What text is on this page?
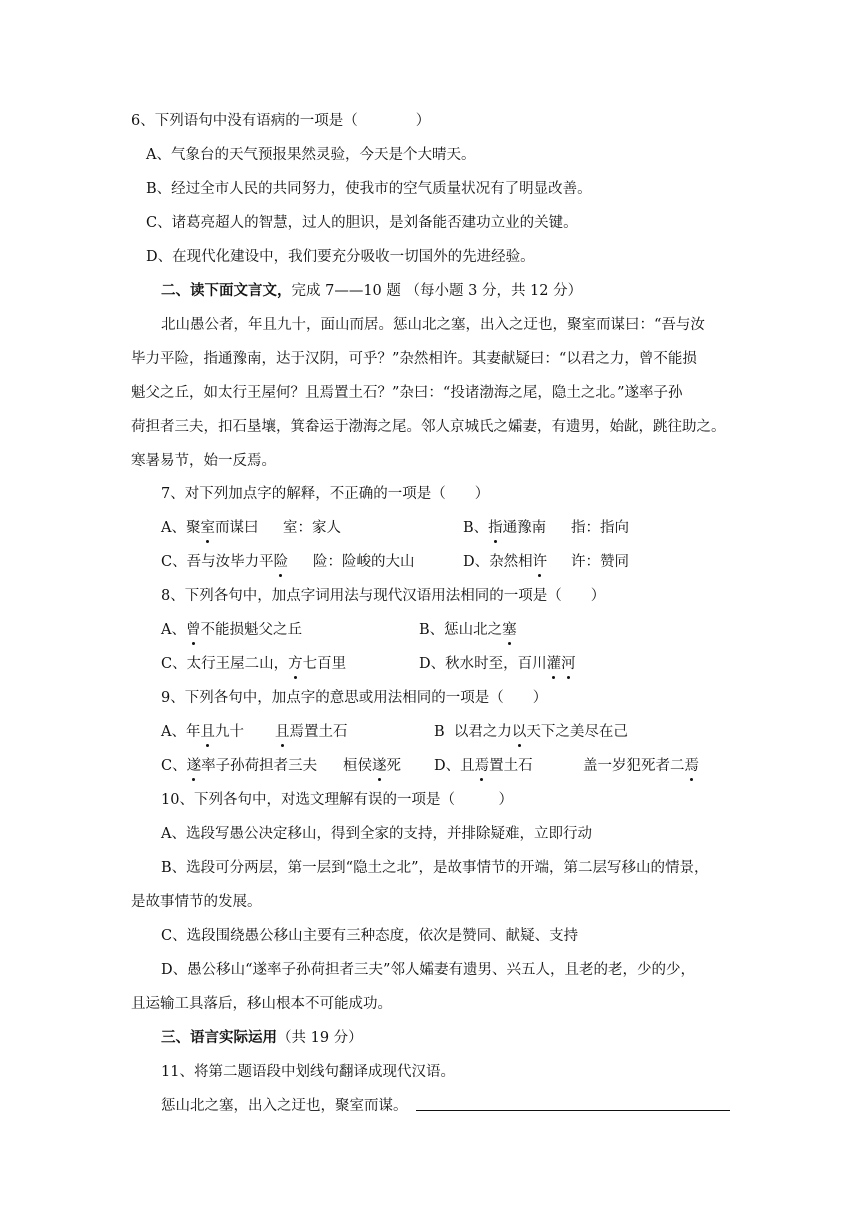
6、下列语句中没有语病的一项是（　　　　）
A、气象台的天气预报果然灵验，今天是个大晴天。
B、经过全市人民的共同努力，使我市的空气质量状况有了明显改善。
C、诸葛亮超人的智慧，过人的胆识，是刘备能否建功立业的关键。
D、在现代化建设中，我们要充分吸收一切国外的先进经验。
二、读下面文言文，完成 7——10 题 （每小题 3 分，共 12 分）
北山愚公者，年且九十，面山而居。惩山北之塞，出入之迂也，聚室而谋曰：“吾与汝
毕力平险，指通豫南，达于汉阴，可乎？”杂然相许。其妻献疑曰：“以君之力，曾不能损
魁父之丘，如太行王屋何？且焉置土石？”杂曰：“投诸渤海之尾，隐土之北。”遂率子孙
荷担者三夫，扣石垦壤，箕畚运于渤海之尾。邻人京城氏之孀妻，有遗男，始龀，跳往助之。
寒暑易节，始一反焉。
7、对下列加点字的解释，不正确的一项是（　　）
A、聚室而谋曰 室：家人	B、指通豫南 指：指向
C、吾与汝毕力平险 险：险峻的大山	D、杂然相许 许：赞同
8、下列各句中，加点字词用法与现代汉语用法相同的一项是（　　）
A、曾不能损魁父之丘	B、惩山北之塞
C、太行王屋二山，方七百里	D、秋水时至，百川灌河
9、下列各句中，加点字的意思或用法相同的一项是（　　）
A、年且九十 且焉置土石	B  以君之力以天下之美尽在己
C、遂率子孙荷担者三夫 桓侯遂死 D、且焉置土石	盖一岁犯死者二焉
10、下列各句中，对选文理解有误的一项是（　　　）
A、选段写愚公决定移山，得到全家的支持，并排除疑难，立即行动
B、选段可分两层，第一层到“隐土之北”，是故事情节的开端，第二层写移山的情景，
是故事情节的发展。
C、选段围绕愚公移山主要有三种态度，依次是赞同、献疑、支持
D、愚公移山“遂率子孙荷担者三夫”邻人孀妻有遗男、兴五人，且老的老，少的少，
且运输工具落后，移山根本不可能成功。
三、语言实际运用（共 19 分）
11、将第二题语段中划线句翻译成现代汉语。
惩山北之塞，出入之迂也，聚室而谋。
